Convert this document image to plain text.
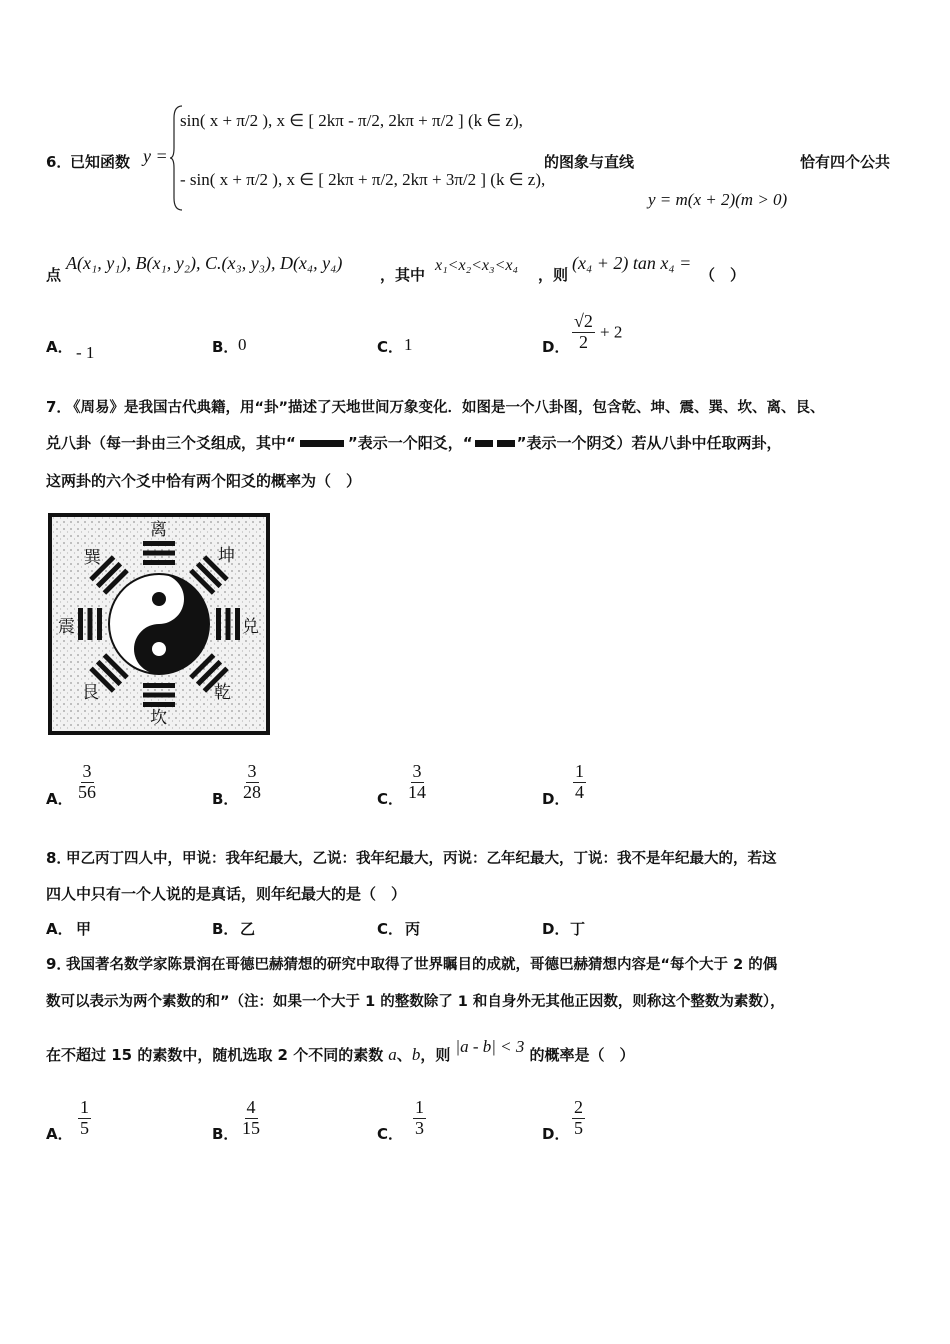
6．
已知函数 y =
sin( x + π/2 ), x ∈ [ 2kπ - π/2, 2kπ + π/2 ] (k ∈ z),
- sin( x + π/2 ), x ∈ [ 2kπ + π/2, 2kπ + 3π/2 ] (k ∈ z),
的图象与直线	恰有四个公共
y = m(x + 2)(m > 0)
点
A(x₁, y₁), B(x₁, y₂), C.(x₃, y₃), D(x₄, y₄)
，其中
x₁<x₂<x₃<x₄
，则
(x₄ + 2) tan x₄ =
（　）
A． - 1	B． 0	C． 1	D． $\frac{√2}{2} + 2$
7．
《周易》是我国古代典籍，用“卦”描述了天地世间万象变化．如图是一个八卦图，包含乾、坤、震、巽、坎、离、艮、
兑八卦（每一卦由三个爻组成，其中“	”表示一个阳爻，“	”表示一个阴爻）若从八卦中任取两卦，
这两卦的六个爻中恰有两个阳爻的概率为（　）
离
坤
兑
乾
坎
艮
震
巽
A． $\frac{3}{56}$	B． $\frac{3}{28}$	C． $\frac{3}{14}$	D． $\frac{1}{4}$
8．
甲乙丙丁四人中，甲说：我年纪最大，乙说：我年纪最大，丙说：乙年纪最大，丁说：我不是年纪最大的，若这
四人中只有一个人说的是真话，则年纪最大的是（　）
A． 甲	B． 乙	C． 丙	D． 丁
9．
我国著名数学家陈景润在哥德巴赫猜想的研究中取得了世界瞩目的成就，哥德巴赫猜想内容是“每个大于 2 的偶
数可以表示为两个素数的和”（注：如果一个大于 1 的整数除了 1 和自身外无其他正因数，则称这个整数为素数），
在不超过 15 的素数中，随机选取 2 个不同的素数 a、b，则 |a - b| < 3 的概率是（　）
A． $\frac{1}{5}$	B． $\frac{4}{15}$	C． $\frac{1}{3}$	D． $\frac{2}{5}$
